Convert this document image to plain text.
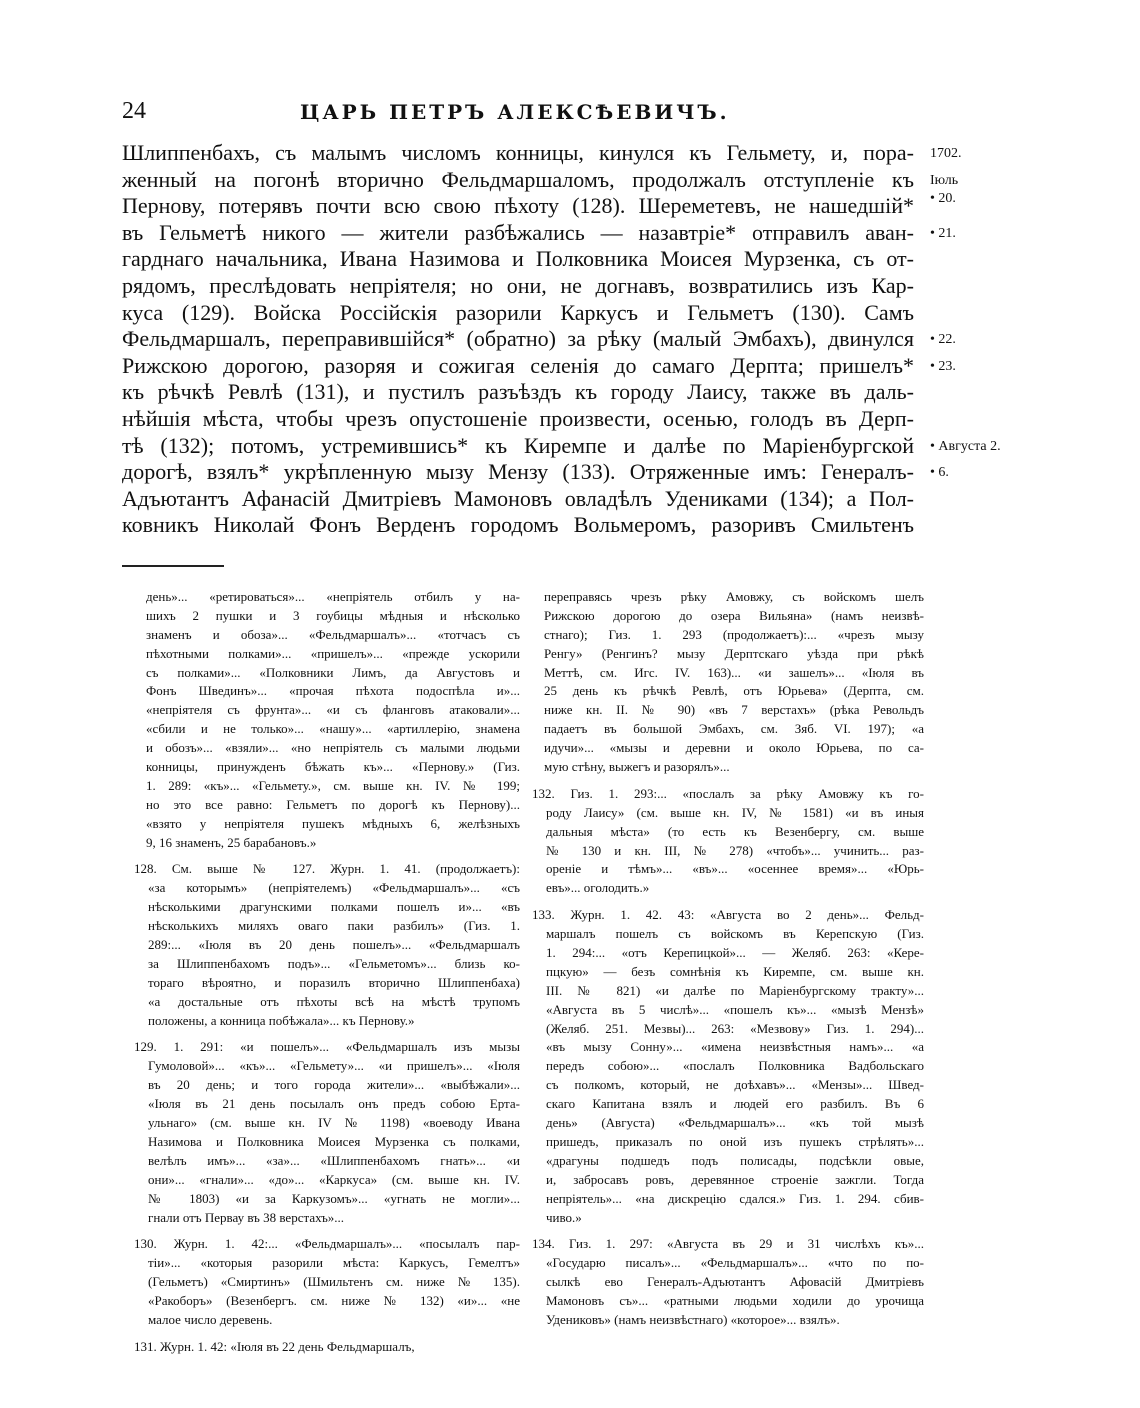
24	ЦАРЬ ПЕТРЪ АЛЕКСѢЕВИЧЪ.
Шлиппенбахъ, съ малымъ числомъ конницы, кинулся къ Гельмету, и, пора-
женный на погонѣ вторично Фельдмаршаломъ, продолжалъ отступленіе къ
Пернову, потерявъ почти всю свою пѣхоту (128). Шереметевъ, не нашедшій*
въ Гельметѣ никого — жители разбѣжались — назавтріе* отправилъ аван-
гарднаго начальника, Ивана Назимова и Полковника Моисея Мурзенка, съ от-
рядомъ, преслѣдовать непріятеля; но они, не догнавъ, возвратились изъ Кар-
куса (129). Войска Россійскія разорили Каркусъ и Гельметъ (130). Самъ
Фельдмаршалъ, переправившійся* (обратно) за рѣку (малый Эмбахъ), двинулся
Рижскою дорогою, разоряя и сожигая селенія до самаго Дерпта; пришелъ*
къ рѣчкѣ Ревлѣ (131), и пустилъ разъѣздъ къ городу Лаису, также въ даль-
нѣйшія мѣста, чтобы чрезъ опустошеніе произвести, осенью, голодъ въ Дерп-
тѣ (132); потомъ, устремившись* къ Киремпе и далѣе по Маріенбургской
дорогѣ, взялъ* укрѣпленную мызу Мензу (133). Отряженные имъ: Генералъ-
Адъютантъ Афанасій Дмитріевъ Мамоновъ овладѣлъ Удениками (134); а Пол-
ковникъ Николай Фонъ Верденъ городомъ Вольмеромъ, разоривъ Смильтенъ
1702.
Іюль
• 20.
• 21.
• 22.
• 23.
• Августа 2.
• 6.
день»... «ретироваться»... «непріятель отбилъ у на-
шихъ 2 пушки и 3 гоубицы мѣдныя и нѣсколько
знаменъ и обоза»... «Фельдмаршалъ»... «тотчасъ съ
пѣхотными полками»... «пришелъ»... «прежде ускорили
съ полками»... «Полковники Лимъ, да Августовъ и
Фонъ Швединъ»... «прочая пѣхота подоспѣла и»...
«непріятеля съ фрунта»... «и съ фланговъ атаковали»...
«сбили и не только»... «нашу»... «артиллерію, знамена
и обозъ»... «взяли»... «но непріятель съ малыми людьми
конницы, принужденъ бѣжать къ»... «Пернову.» (Гиз.
1. 289: «къ»... «Гельмету.», см. выше кн. IV. № 199;
но это все равно: Гельметъ по дорогѣ къ Пернову)...
«взято у непріятеля пушекъ мѣдныхъ 6, желѣзныхъ
9, 16 знаменъ, 25 барабановъ.»
128. См. выше № 127. Журн. 1. 41. (продолжаетъ):
«за которымъ» (непріятелемъ) «Фельдмаршалъ»... «съ
нѣсколькими драгунскими полками пошелъ и»... «въ
нѣсколькихъ миляхъ оваго паки разбилъ» (Гиз. 1.
289:... «Іюля въ 20 день пошелъ»... «Фельдмаршалъ
за Шлиппенбахомъ подъ»... «Гельметомъ»... близь ко-
тораго вѣроятно, и поразилъ вторично Шлиппенбаха)
«а достальные отъ пѣхоты всѣ на мѣстѣ трупомъ
положены, а конница побѣжала»... къ Пернову.»
129. 1. 291: «и пошелъ»... «Фельдмаршалъ изъ мызы
Гумоловой»... «къ»... «Гельмету»... «и пришелъ»... «Іюля
въ 20 день; и того города жители»... «выбѣжали»...
«Іюля въ 21 день посылалъ онъ предъ собою Ерта-
ульнаго» (см. выше кн. IV № 1198) «воеводу Ивана
Назимова и Полковника Моисея Мурзенка съ полками,
велѣлъ имъ»... «за»... «Шлиппенбахомъ гнать»... «и
они»... «гнали»... «до»... «Каркуса» (см. выше кн. IV.
№ 1803) «и за Каркузомъ»... «угнать не могли»...
гнали отъ Первау въ 38 верстахъ»...
130. Журн. 1. 42:... «Фельдмаршалъ»... «посылалъ пар-
тіи»... «которыя разорили мѣста: Каркусъ, Гемелтъ»
(Гельметъ) «Смиртинъ» (Шмильтенъ см. ниже № 135).
«Ракоборъ» (Везенбергъ. см. ниже № 132) «и»... «не
малое число деревень.
131. Журн. 1. 42: «Іюля въ 22 день Фельдмаршалъ,
переправясь чрезъ рѣку Амовжу, съ войскомъ шелъ
Рижскою дорогою до озера Вильяна» (намъ неизвѣ-
стнаго); Гиз. 1. 293 (продолжаетъ):... «чрезъ мызу
Ренгу» (Ренгинъ? мызу Дерптскаго уѣзда при рѣкѣ
Меттѣ, см. Игс. IV. 163)... «и зашелъ»... «Іюля въ
25 день къ рѣчкѣ Ревлѣ, отъ Юрьева» (Дерпта, см.
ниже кн. II. № 90) «въ 7 верстахъ» (рѣка Револьдъ
падаетъ въ большой Эмбахъ, см. Зяб. VI. 197); «а
идучи»... «мызы и деревни и около Юрьева, по са-
мую стѣну, выжегъ и разорялъ»...
132. Гиз. 1. 293:... «послалъ за рѣку Амовжу къ го-
роду Лаису» (см. выше кн. IV, № 1581) «и въ иныя
дальныя мѣста» (то есть къ Везенбергу, см. выше
№ 130 и кн. III, № 278) «чтобъ»... учинить... раз-
ореніе и тѣмъ»... «въ»... «осеннее время»... «Юрь-
евъ»... оголодить.»
133. Журн. 1. 42. 43: «Августа во 2 день»... Фельд-
маршалъ пошелъ съ войскомъ въ Керепскую (Гиз.
1. 294:... «отъ Керепицкой»... — Желяб. 263: «Кере-
пцкую» — безъ сомнѣнія къ Киремпе, см. выше кн.
III. № 821) «и далѣе по Маріенбургскому тракту»...
«Августа въ 5 числѣ»... «пошелъ къ»... «мызѣ Мензѣ»
(Желяб. 251. Мезвы)... 263: «Мезвову» Гиз. 1. 294)...
«въ мызу Сонну»... «имена неизвѣстныя намъ»... «а
передъ собою»... «послалъ Полковника Вадбольскаго
съ полкомъ, который, не доѣхавъ»... «Мензы»... Швед-
скаго Капитана взялъ и людей его разбилъ. Въ 6
день» (Августа) «Фельдмаршалъ»... «къ той мызѣ
пришедъ, приказалъ по оной изъ пушекъ стрѣлять»...
«драгуны подшедъ подъ полисады, подсѣкли овые,
и, забросавъ ровъ, деревянное строеніе зажгли. Тогда
непріятель»... «на дискрецію сдался.» Гиз. 1. 294. сбив-
чиво.»
134. Гиз. 1. 297: «Августа въ 29 и 31 числѣхъ къ»...
«Государю писалъ»... «Фельдмаршалъ»... «что по по-
сылкѣ ево Генералъ-Адъютантъ Афовасій Дмитріевъ
Мамоновъ съ»... «ратными людьми ходили до урочища
Удениковъ» (намъ неизвѣстнаго) «которое»... взялъ».
